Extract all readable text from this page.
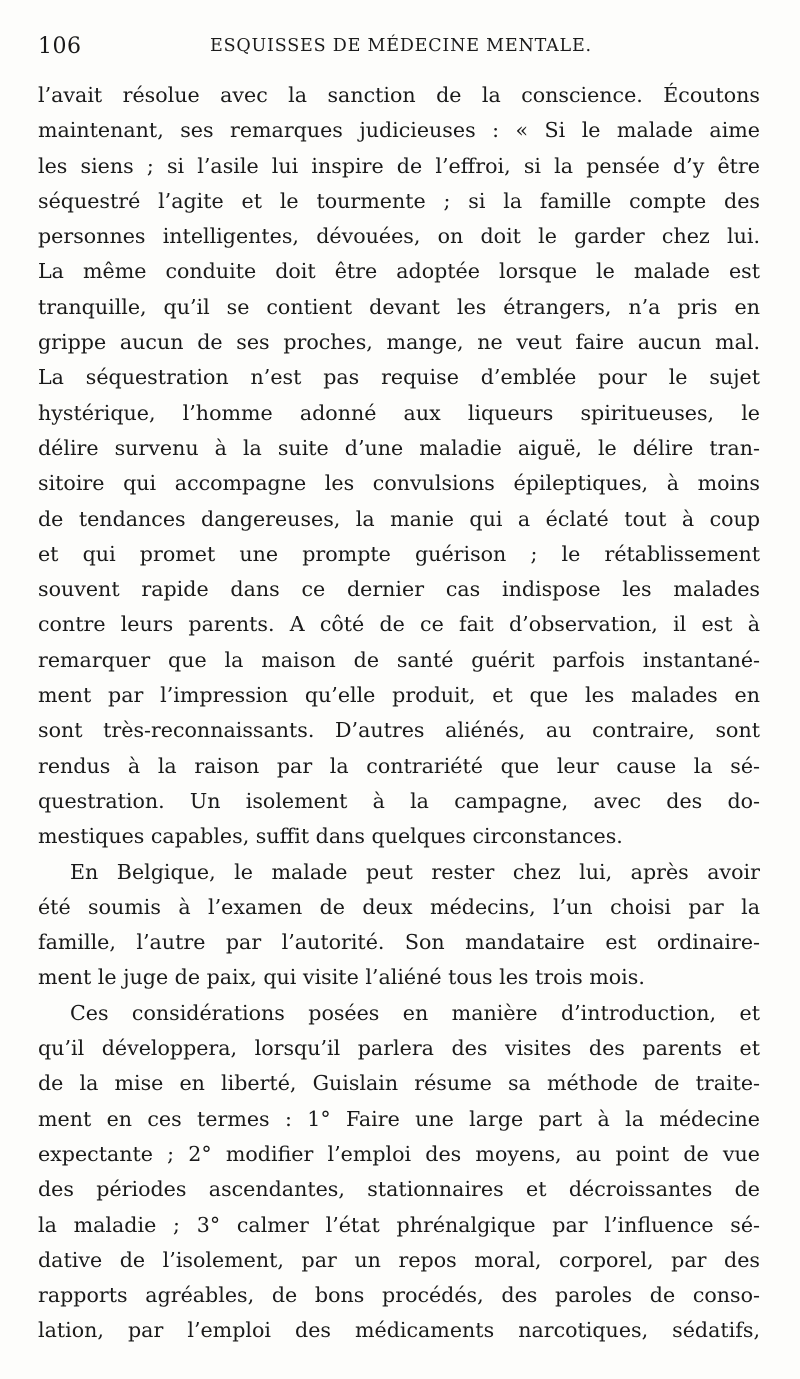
106	ESQUISSES DE MÉDECINE MENTALE.
l’avait résolue avec la sanction de la conscience. Écoutons
maintenant, ses remarques judicieuses : « Si le malade aime
les siens ; si l’asile lui inspire de l’effroi, si la pensée d’y être
séquestré l’agite et le tourmente ; si la famille compte des
personnes intelligentes, dévouées, on doit le garder chez lui.
La même conduite doit être adoptée lorsque le malade est
tranquille, qu’il se contient devant les étrangers, n’a pris en
grippe aucun de ses proches, mange, ne veut faire aucun mal.
La séquestration n’est pas requise d’emblée pour le sujet
hystérique, l’homme adonné aux liqueurs spiritueuses, le
délire survenu à la suite d’une maladie aiguë, le délire tran-
sitoire qui accompagne les convulsions épileptiques, à moins
de tendances dangereuses, la manie qui a éclaté tout à coup
et qui promet une prompte guérison ; le rétablissement
souvent rapide dans ce dernier cas indispose les malades
contre leurs parents. A côté de ce fait d’observation, il est à
remarquer que la maison de santé guérit parfois instantané-
ment par l’impression qu’elle produit, et que les malades en
sont très-reconnaissants. D’autres aliénés, au contraire, sont
rendus à la raison par la contrariété que leur cause la sé-
questration. Un isolement à la campagne, avec des do-
mestiques capables, suffit dans quelques circonstances.
En Belgique, le malade peut rester chez lui, après avoir
été soumis à l’examen de deux médecins, l’un choisi par la
famille, l’autre par l’autorité. Son mandataire est ordinaire-
ment le juge de paix, qui visite l’aliéné tous les trois mois.
Ces considérations posées en manière d’introduction, et
qu’il développera, lorsqu’il parlera des visites des parents et
de la mise en liberté, Guislain résume sa méthode de traite-
ment en ces termes : 1° Faire une large part à la médecine
expectante ; 2° modifier l’emploi des moyens, au point de vue
des périodes ascendantes, stationnaires et décroissantes de
la maladie ; 3° calmer l’état phrénalgique par l’influence sé-
dative de l’isolement, par un repos moral, corporel, par des
rapports agréables, de bons procédés, des paroles de conso-
lation, par l’emploi des médicaments narcotiques, sédatifs,
